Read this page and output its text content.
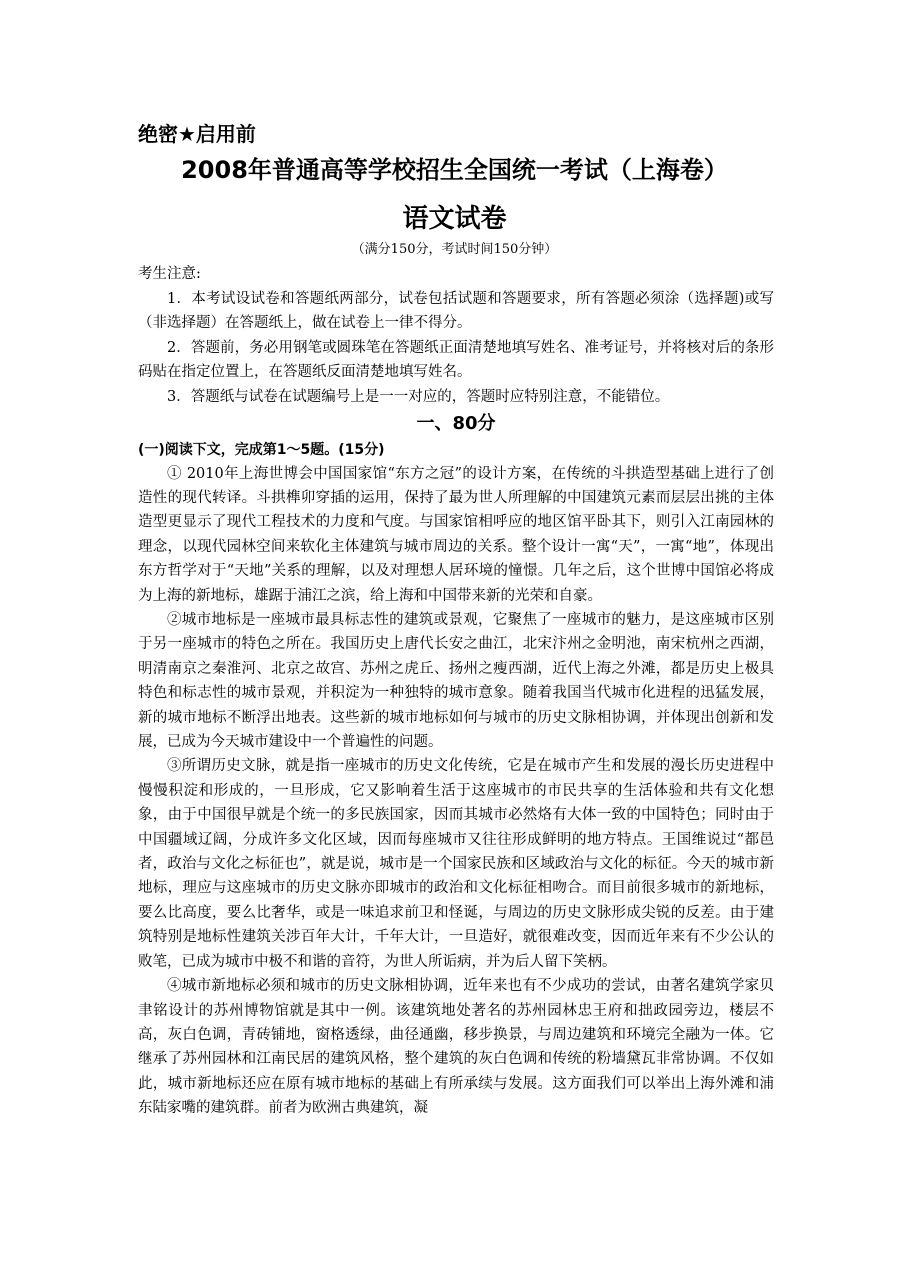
绝密★启用前
2008年普通高等学校招生全国统一考试（上海卷）
语文试卷
（满分150分，考试时间150分钟）

考生注意:

1．本考试设试卷和答题纸两部分，试卷包括试题和答题要求，所有答题必须涂（选择题)或写（非选择题）在答题纸上，做在试卷上一律不得分。

2．答题前，务必用钢笔或圆珠笔在答题纸正面清楚地填写姓名、准考证号，并将核对后的条形码贴在指定位置上，在答题纸反面清楚地填写姓名。

3．答题纸与试卷在试题编号上是一一对应的，答题时应特别注意，不能错位。

一、80分
(一)阅读下文，完成第1～5题。(15分)

① 2010年上海世博会中国国家馆“东方之冠”的设计方案，在传统的斗拱造型基础上进行了创造性的现代转译。斗拱榫卯穿插的运用，保持了最为世人所理解的中国建筑元素而层层出挑的主体造型更显示了现代工程技术的力度和气度。与国家馆相呼应的地区馆平卧其下，则引入江南园林的理念，以现代园林空间来软化主体建筑与城市周边的关系。整个设计一寓“天”，一寓“地”，体现出东方哲学对于“天地”关系的理解，以及对理想人居环境的憧憬。几年之后，这个世博中国馆必将成为上海的新地标，雄踞于浦江之滨，给上海和中国带来新的光荣和自豪。

②城市地标是一座城市最具标志性的建筑或景观，它聚焦了一座城市的魅力，是这座城市区别于另一座城市的特色之所在。我国历史上唐代长安之曲江，北宋汴州之金明池，南宋杭州之西湖，明清南京之秦淮河、北京之故宫、苏州之虎丘、扬州之瘦西湖，近代上海之外滩，都是历史上极具特色和标志性的城市景观，并积淀为一种独特的城市意象。随着我国当代城市化进程的迅猛发展，新的城市地标不断浮出地表。这些新的城市地标如何与城市的历史文脉相协调，并体现出创新和发展，已成为今天城市建设中一个普遍性的问题。

③所谓历史文脉，就是指一座城市的历史文化传统，它是在城市产生和发展的漫长历史进程中慢慢积淀和形成的，一旦形成，它又影响着生活于这座城市的市民共享的生活体验和共有文化想象，由于中国很早就是个统一的多民族国家，因而其城市必然烙有大体一致的中国特色；同时由于中国疆域辽阔，分成许多文化区域，因而每座城市又往往形成鲜明的地方特点。王国维说过“都邑者，政治与文化之标征也”，就是说，城市是一个国家民族和区域政治与文化的标征。今天的城市新地标，理应与这座城市的历史文脉亦即城市的政治和文化标征相吻合。而目前很多城市的新地标，要么比高度，要么比奢华，或是一味追求前卫和怪诞，与周边的历史文脉形成尖锐的反差。由于建筑特别是地标性建筑关涉百年大计，千年大计，一旦造好，就很难改变，因而近年来有不少公认的败笔，已成为城市中极不和谐的音符，为世人所诟病，并为后人留下笑柄。

④城市新地标必须和城市的历史文脉相协调，近年来也有不少成功的尝试，由著名建筑学家贝聿铭设计的苏州博物馆就是其中一例。该建筑地处著名的苏州园林忠王府和拙政园旁边，楼层不高，灰白色调，青砖铺地，窗格透绿，曲径通幽，移步换景，与周边建筑和环境完全融为一体。它继承了苏州园林和江南民居的建筑风格，整个建筑的灰白色调和传统的粉墙黛瓦非常协调。不仅如此，城市新地标还应在原有城市地标的基础上有所承续与发展。这方面我们可以举出上海外滩和浦东陆家嘴的建筑群。前者为欧洲古典建筑，凝
